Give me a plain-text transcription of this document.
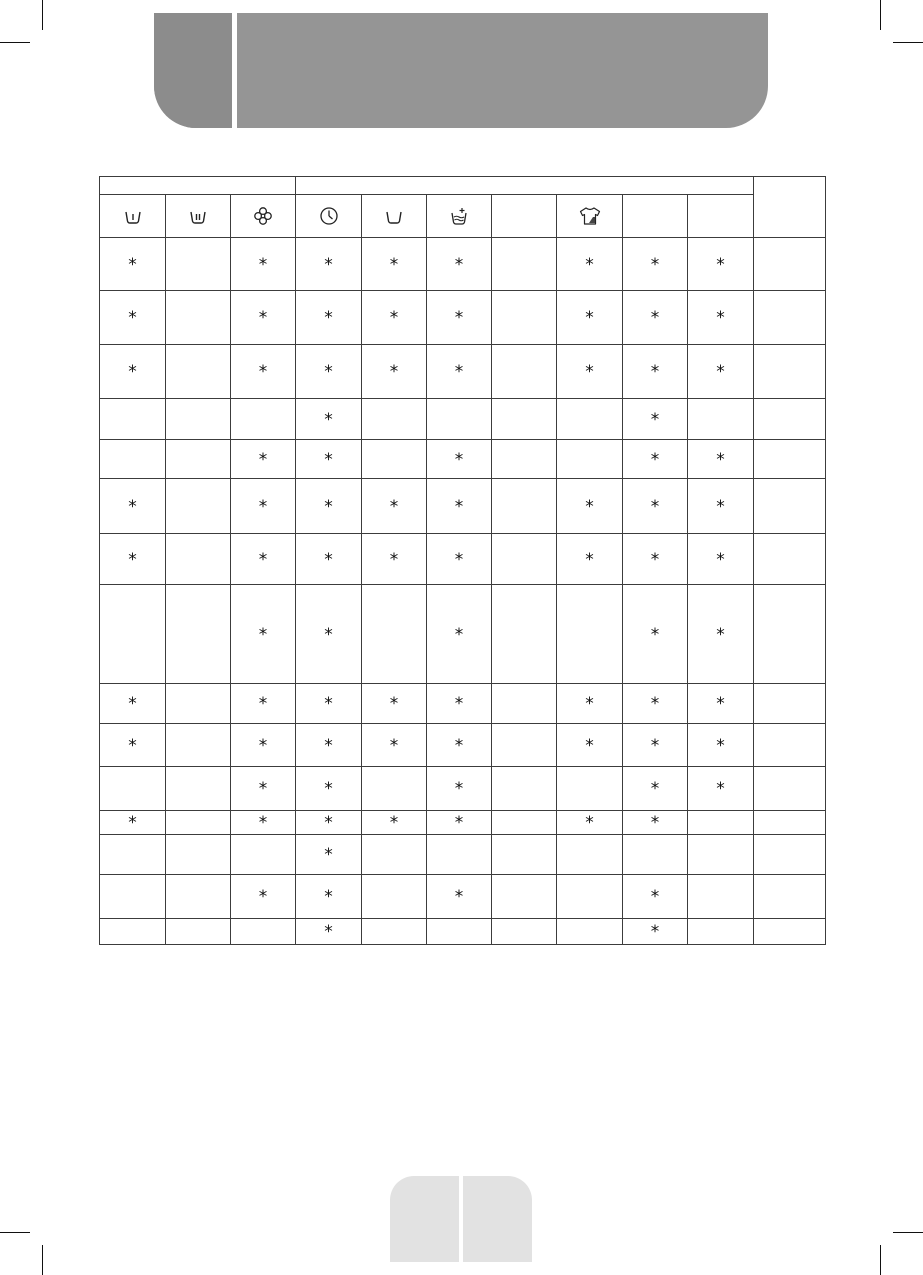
*		*	*	*	*		*	*	*	
*		*	*	*	*		*	*	*	
*		*	*	*	*		*	*	*	
			*					*		
		*	*		*			*	*	
*		*	*	*	*		*	*	*	
*		*	*	*	*		*	*	*	
		*	*		*			*	*	
*		*	*	*	*		*	*	*	
*		*	*	*	*		*	*	*	
		*	*		*			*	*	
*		*	*	*	*		*	*		
			*							
		*	*		*			*		
			*					*		
